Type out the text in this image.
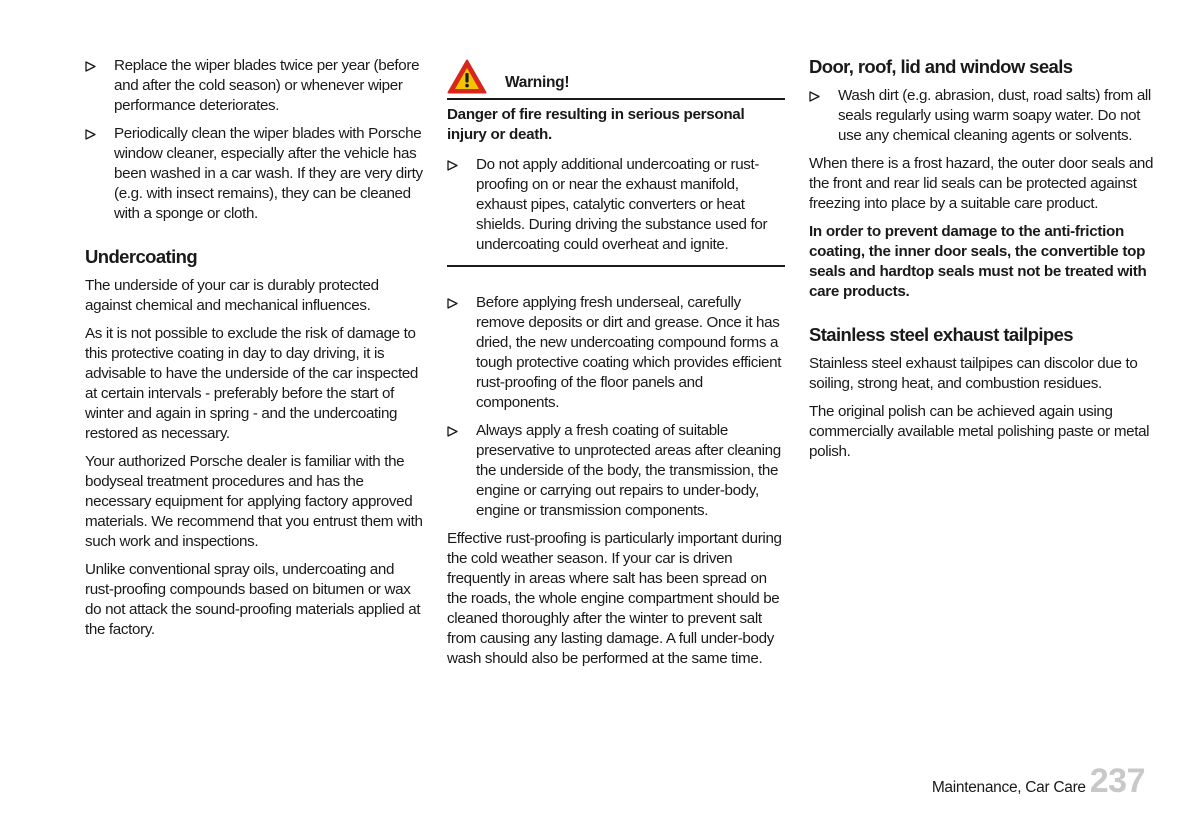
Replace the wiper blades twice per year (before and after the cold season) or whenever wiper performance deteriorates.
Periodically clean the wiper blades with Porsche window cleaner, especially after the vehicle has been washed in a car wash. If they are very dirty (e.g. with insect remains), they can be cleaned with a sponge or cloth.
Undercoating

The underside of your car is durably protected against chemical and mechanical influences.

As it is not possible to exclude the risk of damage to this protective coating in day to day driving, it is advisable to have the underside of the car inspected at certain intervals - preferably before the start of winter and again in spring - and the undercoating restored as necessary.

Your authorized Porsche dealer is familiar with the bodyseal treatment procedures and has the necessary equipment for applying factory approved materials. We recommend that you entrust them with such work and inspections.

Unlike conventional spray oils, undercoating and rust-proofing compounds based on bitumen or wax do not attack the sound-proofing materials applied at the factory.

Warning!
Danger of fire resulting in serious personal injury or death.
Do not apply additional undercoating or rust-proofing on or near the exhaust manifold, exhaust pipes, catalytic converters or heat shields. During driving the substance used for undercoating could overheat and ignite.
Before applying fresh underseal, carefully remove deposits or dirt and grease. Once it has dried, the new undercoating compound forms a tough protective coating which provides efficient rust-proofing of the floor panels and components.
Always apply a fresh coating of suitable preservative to unprotected areas after cleaning the underside of the body, the transmission, the engine or carrying out repairs to under-body, engine or transmission components.

Effective rust-proofing is particularly important during the cold weather season. If your car is driven frequently in areas where salt has been spread on the roads, the whole engine compartment should be cleaned thoroughly after the winter to prevent salt from causing any lasting damage. A full under-body wash should also be performed at the same time.

Door, roof, lid and window seals
Wash dirt (e.g. abrasion, dust, road salts) from all seals regularly using warm soapy water. Do not use any chemical cleaning agents or solvents.

When there is a frost hazard, the outer door seals and the front and rear lid seals can be protected against freezing into place by a suitable care product.

In order to prevent damage to the anti-friction coating, the inner door seals, the convertible top seals and hardtop seals must not be treated with care products.

Stainless steel exhaust tailpipes

Stainless steel exhaust tailpipes can discolor due to soiling, strong heat, and combustion residues.

The original polish can be achieved again using commercially available metal polishing paste or metal polish.

Maintenance, Car Care 237
